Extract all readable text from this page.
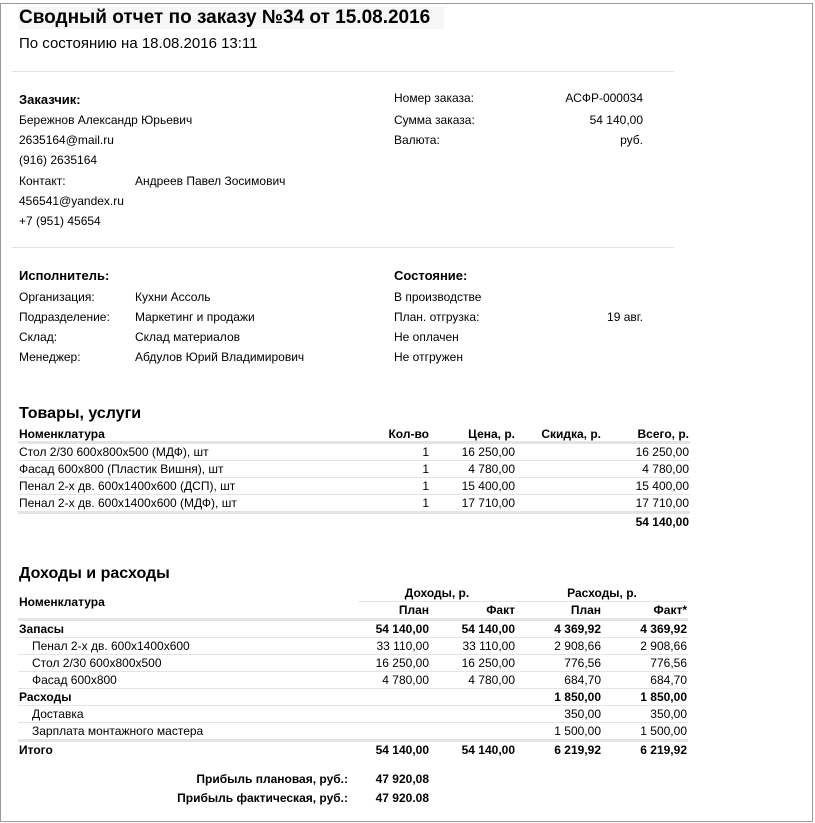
Сводный отчет по заказу №34 от 15.08.2016
По состоянию на 18.08.2016 13:11
Заказчик:
Бережнов Александр Юрьевич
2635164@mail.ru
(916) 2635164
Контакт:	Андреев Павел Зосимович
456541@yandex.ru
+7 (951) 45654
Номер заказа:	АСФР-000034
Сумма заказа:	54 140,00
Валюта:	руб.
Исполнитель:
Организация:	Кухни Ассоль
Подразделение: Маркетинг и продажи
Склад:	Склад материалов
Менеджер:	Абдулов Юрий Владимирович
Состояние:
В производстве
План. отгрузка:	19 авг.
Не оплачен
Не отгружен
Товары, услуги
Номенклатура	Кол-во	Цена, р.	Скидка, р.	Всего, р.
Стол 2/30 600x800x500 (МДФ), шт	1	16 250,00		16 250,00
Фасад 600x800 (Пластик Вишня), шт	1	4 780,00		4 780,00
Пенал 2-х дв. 600x1400x600 (ДСП), шт	1	15 400,00		15 400,00
Пенал 2-х дв. 600x1400x600 (МДФ), шт	1	17 710,00		17 710,00
				54 140,00
Доходы и расходы
Номенклатура	Доходы, р.		Расходы, р.	
	План	Факт	План	Факт*
Запасы	54 140,00	54 140,00	4 369,92	4 369,92
Пенал 2-х дв. 600x1400x600	33 110,00	33 110,00	2 908,66	2 908,66
Стол 2/30 600x800x500	16 250,00	16 250,00	776,56	776,56
Фасад 600x800	4 780,00	4 780,00	684,70	684,70
Расходы			1 850,00	1 850,00
Доставка			350,00	350,00
Зарплата монтажного мастера			1 500,00	1 500,00
Итого	54 140,00	54 140,00	6 219,92	6 219,92
Прибыль плановая, руб.:	47 920,08
Прибыль фактическая, руб.:	47 920.08
